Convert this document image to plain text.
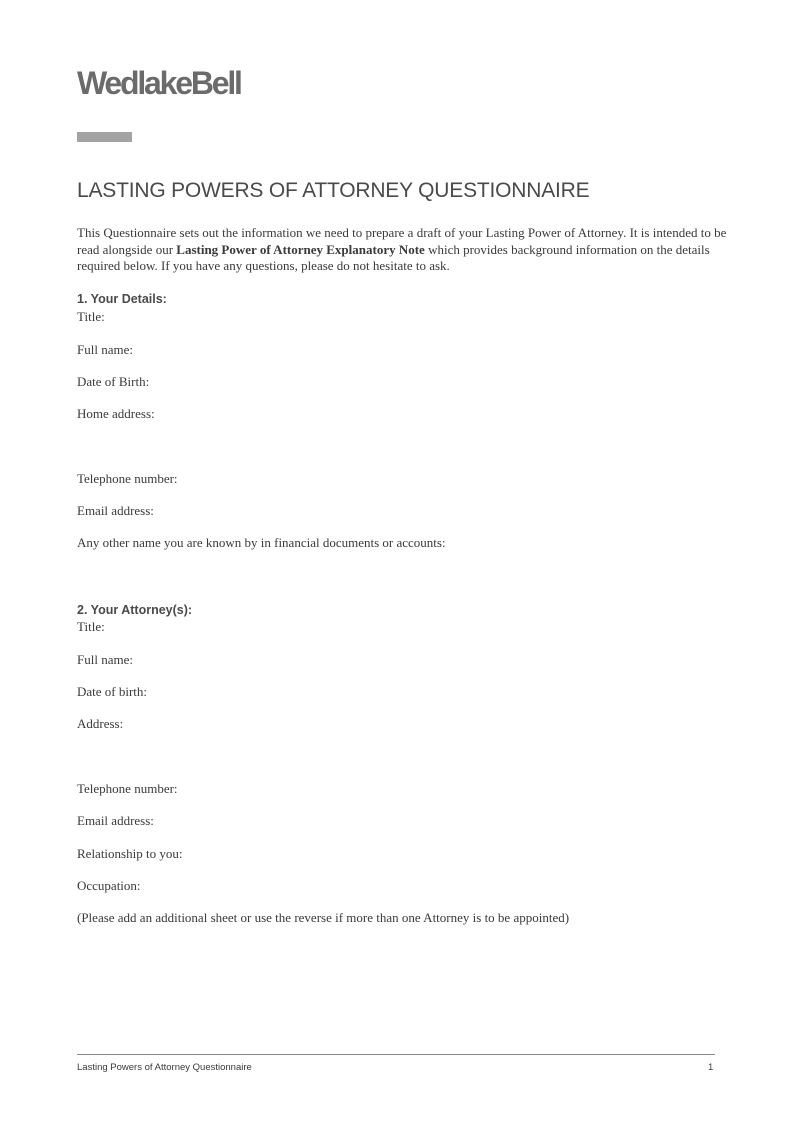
WedlakeBell
LASTING POWERS OF ATTORNEY QUESTIONNAIRE
This Questionnaire sets out the information we need to prepare a draft of your Lasting Power of Attorney. It is intended to be read alongside our Lasting Power of Attorney Explanatory Note which provides background information on the details required below. If you have any questions, please do not hesitate to ask.
1. Your Details:
Title:
Full name:
Date of Birth:
Home address:
Telephone number:
Email address:
Any other name you are known by in financial documents or accounts:
2. Your Attorney(s):
Title:
Full name:
Date of birth:
Address:
Telephone number:
Email address:
Relationship to you:
Occupation:
(Please add an additional sheet or use the reverse if more than one Attorney is to be appointed)
Lasting Powers of Attorney Questionnaire	1
